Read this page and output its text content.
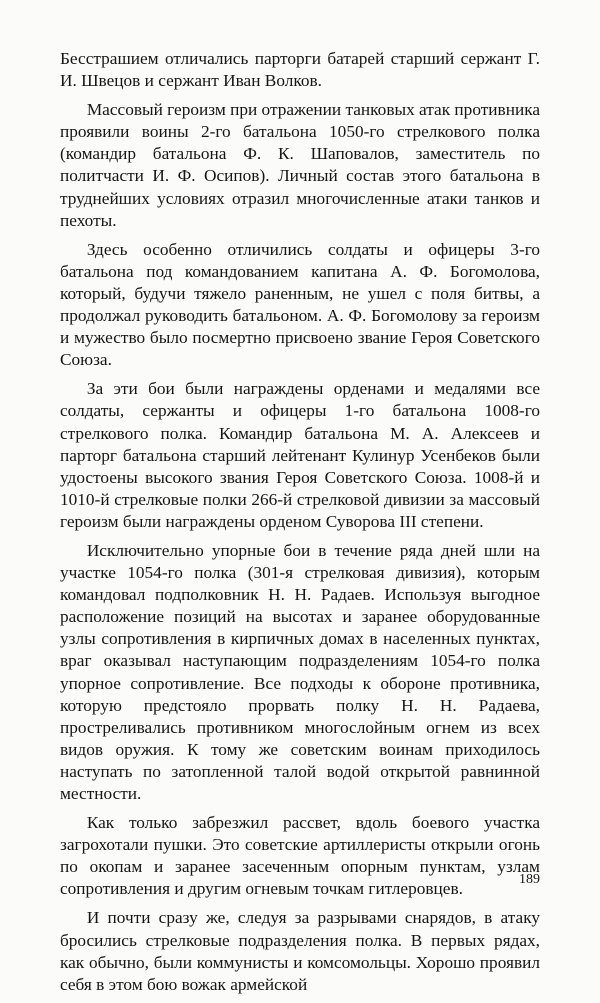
Бесстрашием отличались парторги батарей старший сержант Г. И. Швецов и сержант Иван Волков.

Массовый героизм при отражении танковых атак противника проявили воины 2-го батальона 1050-го стрелкового полка (командир батальона Ф. К. Шаповалов, заместитель по политчасти И. Ф. Осипов). Личный состав этого батальона в труднейших условиях отразил многочисленные атаки танков и пехоты.

Здесь особенно отличились солдаты и офицеры 3-го батальона под командованием капитана А. Ф. Богомолова, который, будучи тяжело раненным, не ушел с поля битвы, а продолжал руководить батальоном. А. Ф. Богомолову за героизм и мужество было посмертно присвоено звание Героя Советского Союза.

За эти бои были награждены орденами и медалями все солдаты, сержанты и офицеры 1-го батальона 1008-го стрелкового полка. Командир батальона М. А. Алексеев и парторг батальона старший лейтенант Кулинур Усенбеков были удостоены высокого звания Героя Советского Союза. 1008-й и 1010-й стрелковые полки 266-й стрелковой дивизии за массовый героизм были награждены орденом Суворова III степени.

Исключительно упорные бои в течение ряда дней шли на участке 1054-го полка (301-я стрелковая дивизия), которым командовал подполковник Н. Н. Радаев. Используя выгодное расположение позиций на высотах и заранее оборудованные узлы сопротивления в кирпичных домах в населенных пунктах, враг оказывал наступающим подразделениям 1054-го полка упорное сопротивление. Все подходы к обороне противника, которую предстояло прорвать полку Н. Н. Радаева, простреливались противником многослойным огнем из всех видов оружия. К тому же советским воинам приходилось наступать по затопленной талой водой открытой равнинной местности.

Как только забрезжил рассвет, вдоль боевого участка загрохотали пушки. Это советские артиллеристы открыли огонь по окопам и заранее засеченным опорным пунктам, узлам сопротивления и другим огневым точкам гитлеровцев.

И почти сразу же, следуя за разрывами снарядов, в атаку бросились стрелковые подразделения полка. В первых рядах, как обычно, были коммунисты и комсомольцы. Хорошо проявил себя в этом бою вожак армейской

189
